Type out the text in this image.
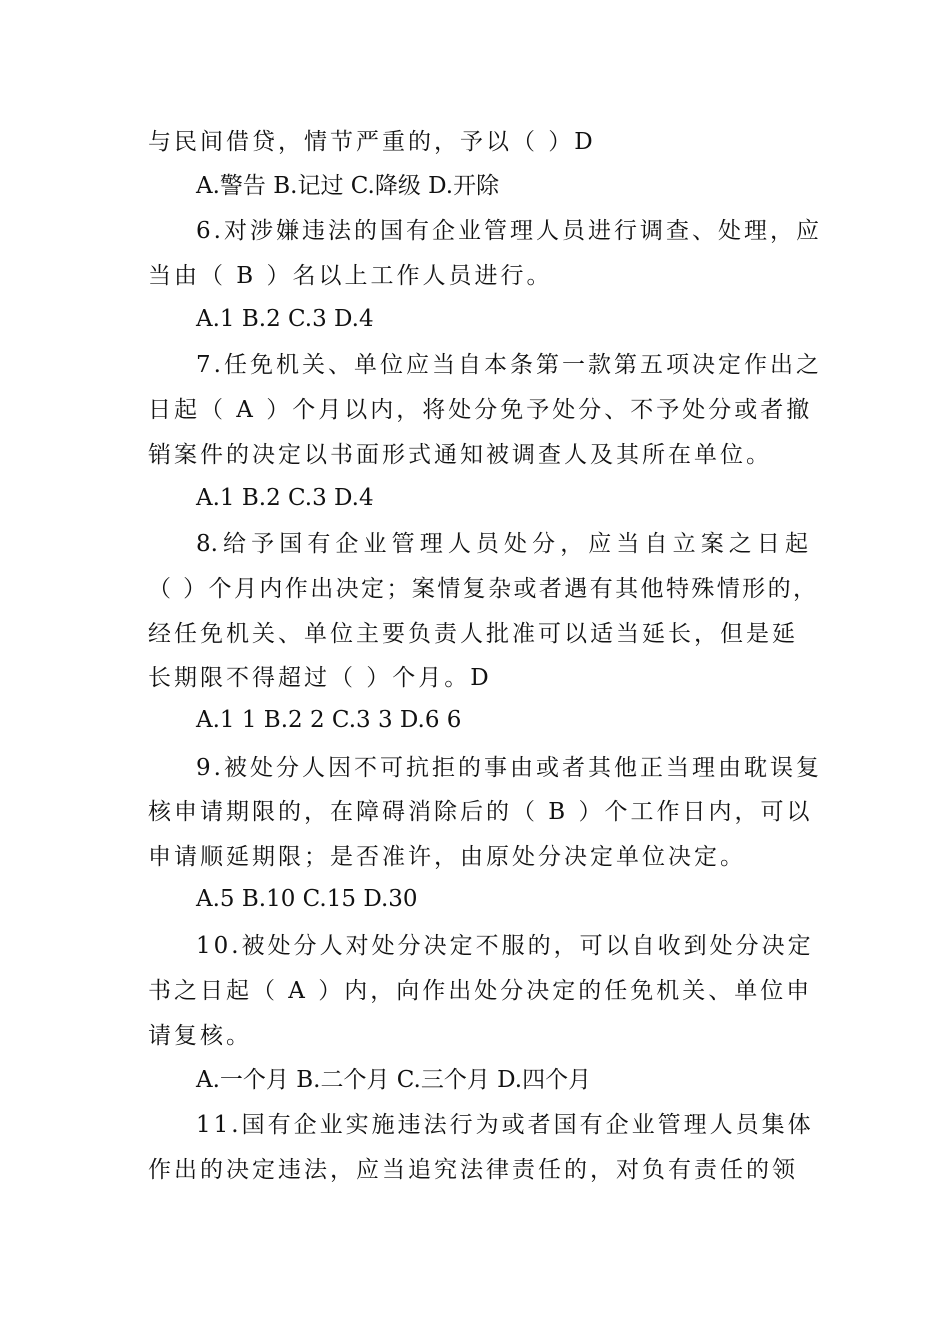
与民间借贷，情节严重的，予以（ ）D
A.警告 B.记过 C.降级 D.开除
6.对涉嫌违法的国有企业管理人员进行调查、处理，应
当由（ B ）名以上工作人员进行。
A.1 B.2 C.3 D.4
7.任免机关、单位应当自本条第一款第五项决定作出之
日起（ A ）个月以内，将处分免予处分、不予处分或者撤
销案件的决定以书面形式通知被调查人及其所在单位。
A.1 B.2 C.3 D.4
8.给予国有企业管理人员处分，应当自立案之日起
（ ）个月内作出决定；案情复杂或者遇有其他特殊情形的，
经任免机关、单位主要负责人批准可以适当延长，但是延
长期限不得超过（ ）个月。D
A.1 1 B.2 2 C.3 3 D.6 6
9.被处分人因不可抗拒的事由或者其他正当理由耽误复
核申请期限的，在障碍消除后的（ B ）个工作日内，可以
申请顺延期限；是否准许，由原处分决定单位决定。
A.5 B.10 C.15 D.30
10.被处分人对处分决定不服的，可以自收到处分决定
书之日起（ A ）内，向作出处分决定的任免机关、单位申
请复核。
A.一个月 B.二个月 C.三个月 D.四个月
11.国有企业实施违法行为或者国有企业管理人员集体
作出的决定违法，应当追究法律责任的，对负有责任的领
